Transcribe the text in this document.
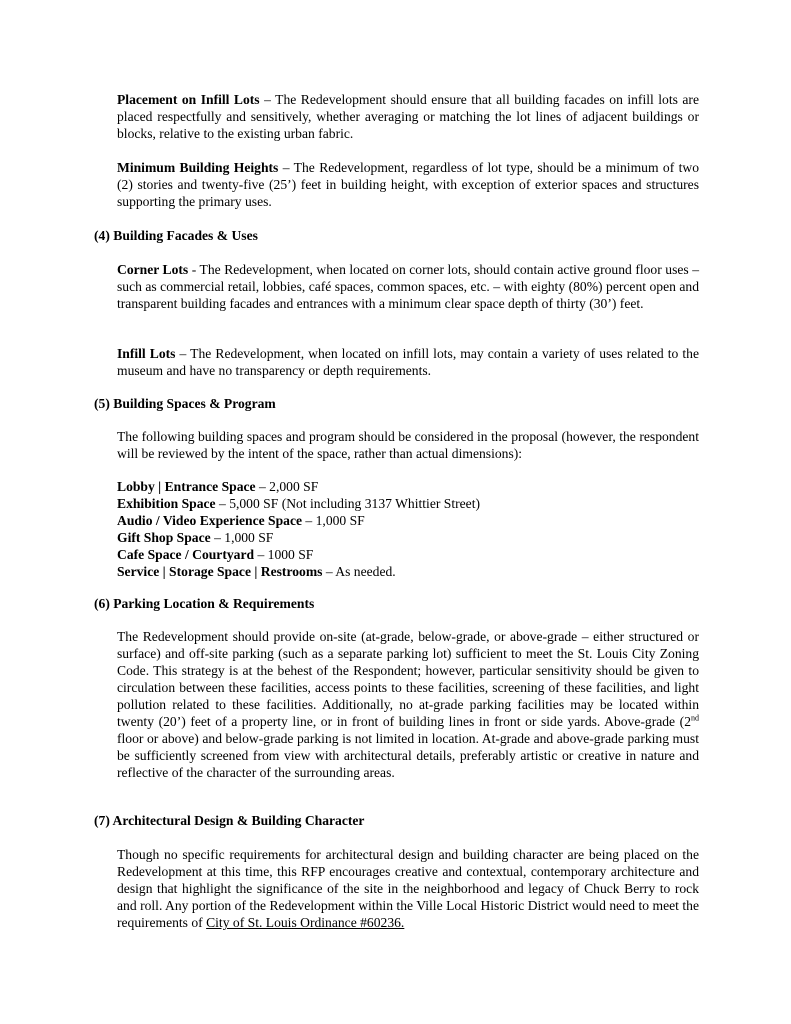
Placement on Infill Lots – The Redevelopment should ensure that all building facades on infill lots are placed respectfully and sensitively, whether averaging or matching the lot lines of adjacent buildings or blocks, relative to the existing urban fabric.

Minimum Building Heights – The Redevelopment, regardless of lot type, should be a minimum of two (2) stories and twenty-five (25’) feet in building height, with exception of exterior spaces and structures supporting the primary uses.

(4) Building Facades & Uses

Corner Lots - The Redevelopment, when located on corner lots, should contain active ground floor uses – such as commercial retail, lobbies, café spaces, common spaces, etc. – with eighty (80%) percent open and transparent building facades and entrances with a minimum clear space depth of thirty (30’) feet.

Infill Lots – The Redevelopment, when located on infill lots, may contain a variety of uses related to the museum and have no transparency or depth requirements.

(5) Building Spaces & Program

The following building spaces and program should be considered in the proposal (however, the respondent will be reviewed by the intent of the space, rather than actual dimensions):

Lobby | Entrance Space – 2,000 SF
Exhibition Space – 5,000 SF (Not including 3137 Whittier Street)
Audio / Video Experience Space – 1,000 SF
Gift Shop Space – 1,000 SF
Cafe Space / Courtyard – 1000 SF
Service | Storage Space | Restrooms – As needed.

(6) Parking Location & Requirements

The Redevelopment should provide on-site (at-grade, below-grade, or above-grade – either structured or surface) and off-site parking (such as a separate parking lot) sufficient to meet the St. Louis City Zoning Code. This strategy is at the behest of the Respondent; however, particular sensitivity should be given to circulation between these facilities, access points to these facilities, screening of these facilities, and light pollution related to these facilities. Additionally, no at-grade parking facilities may be located within twenty (20’) feet of a property line, or in front of building lines in front or side yards. Above-grade (2nd floor or above) and below-grade parking is not limited in location. At-grade and above-grade parking must be sufficiently screened from view with architectural details, preferably artistic or creative in nature and reflective of the character of the surrounding areas.

(7) Architectural Design & Building Character

Though no specific requirements for architectural design and building character are being placed on the Redevelopment at this time, this RFP encourages creative and contextual, contemporary architecture and design that highlight the significance of the site in the neighborhood and legacy of Chuck Berry to rock and roll. Any portion of the Redevelopment within the Ville Local Historic District would need to meet the requirements of City of St. Louis Ordinance #60236.
